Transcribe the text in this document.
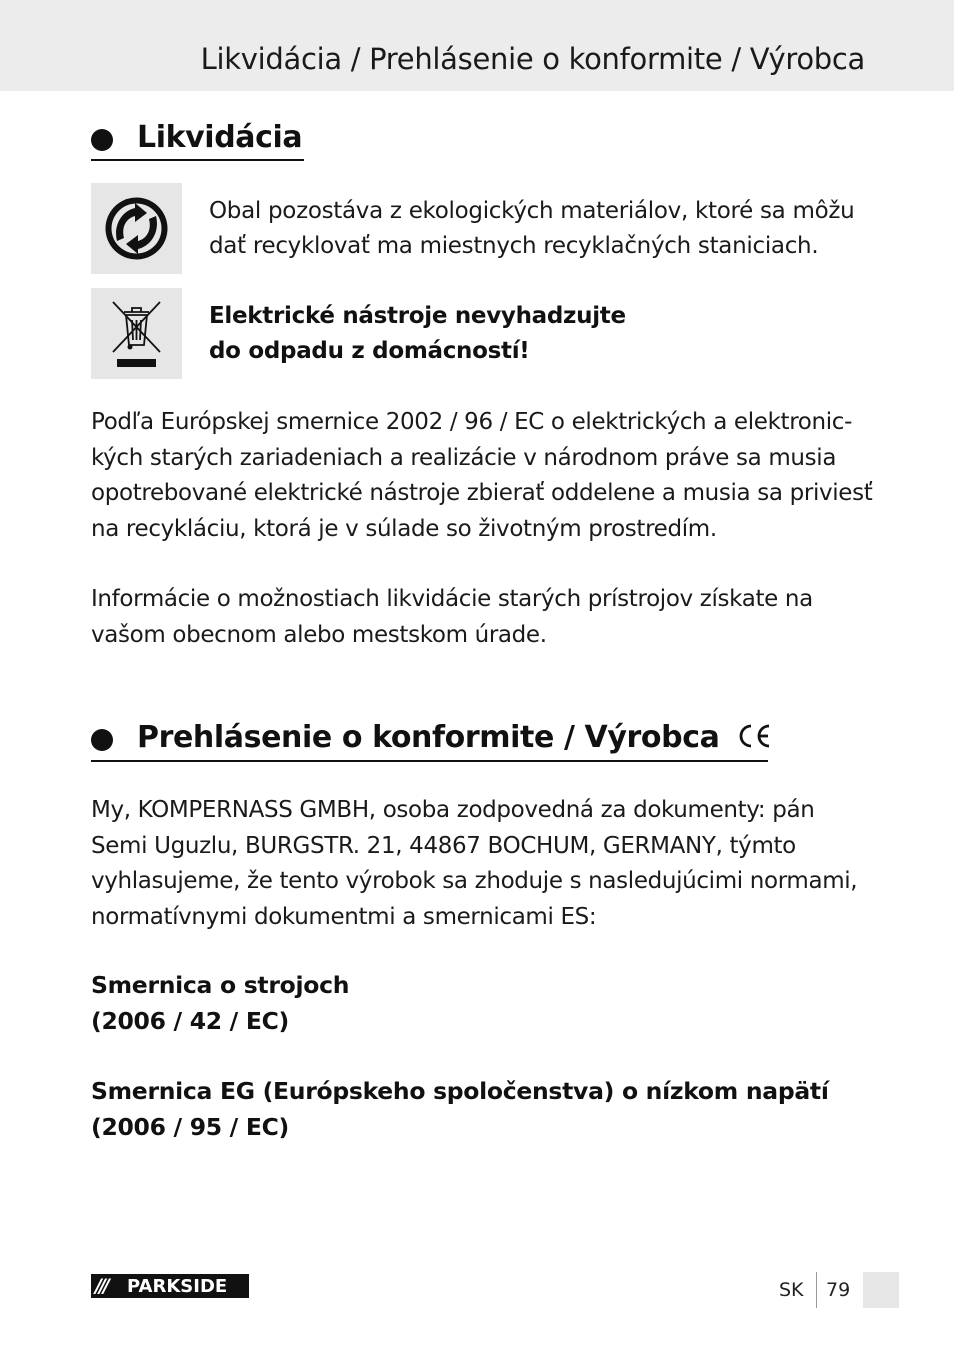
Likvidácia / Prehlásenie o konformite / Výrobca
Likvidácia
Obal pozostáva z ekologických materiálov, ktoré sa môžu
dať recyklovať ma miestnych recyklačných staniciach.
Elektrické nástroje nevyhadzujte
do odpadu z domácností!
Podľa Európskej smernice 2002 / 96 / EC o elektrických a elektronic-
kých starých zariadeniach a realizácie v národnom práve sa musia
opotrebované elektrické nástroje zbierať oddelene a musia sa priviesť
na recykláciu, ktorá je v súlade so životným prostredím.
Informácie o možnostiach likvidácie starých prístrojov získate na
vašom obecnom alebo mestskom úrade.
Prehlásenie o konformite / Výrobca
My, KOMPERNASS GMBH, osoba zodpovedná za dokumenty: pán
Semi Uguzlu, BURGSTR. 21, 44867 BOCHUM, GERMANY, týmto
vyhlasujeme, že tento výrobok sa zhoduje s nasledujúcimi normami,
normatívnymi dokumentmi a smernicami ES:
Smernica o strojoch
(2006 / 42 / EC)
Smernica EG (Európskeho spoločenstva) o nízkom napätí
(2006 / 95 / EC)
/// PARKSIDE	SK 79
